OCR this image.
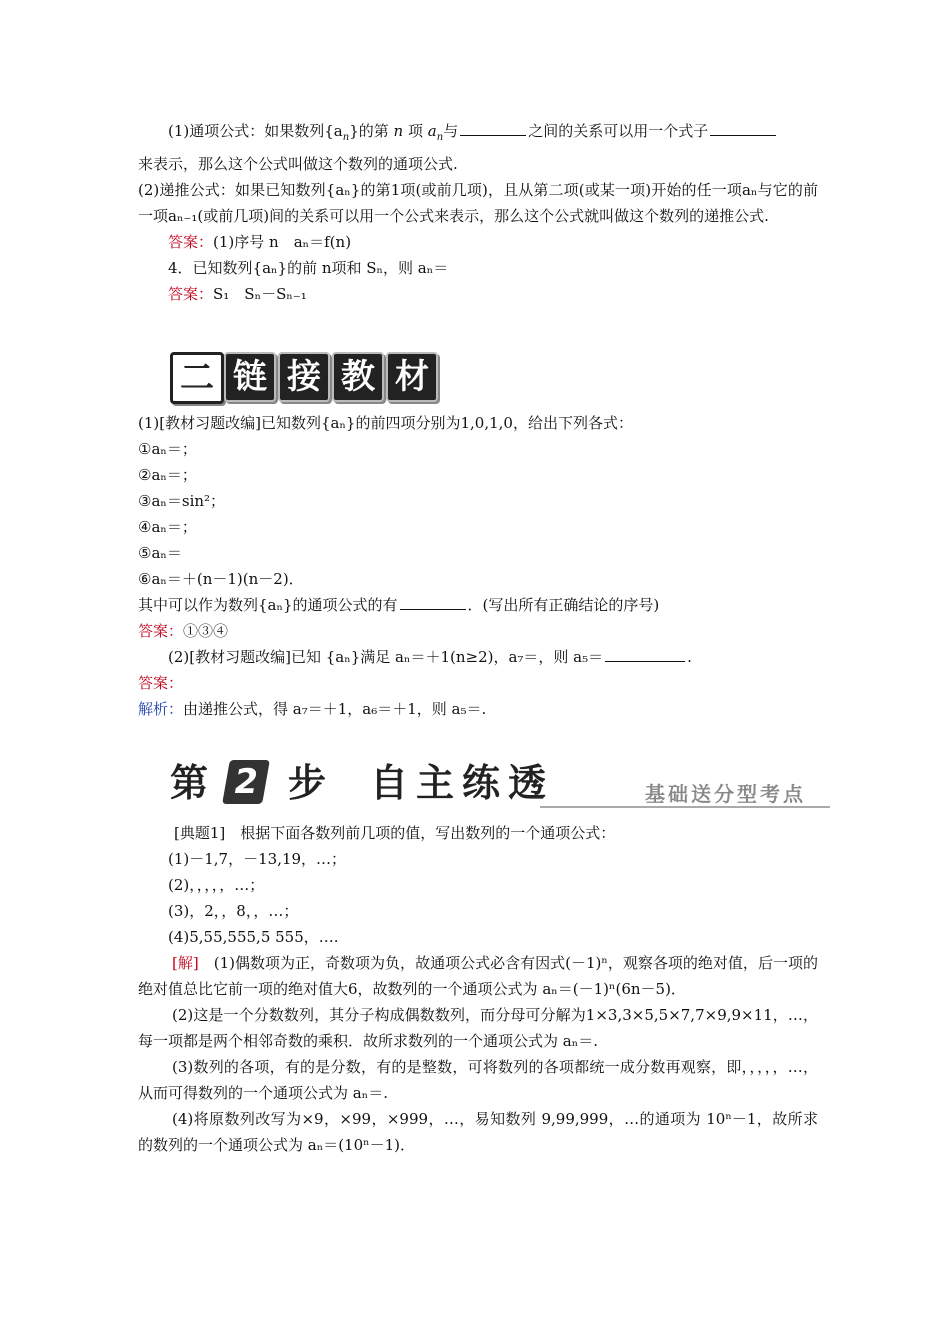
(1)通项公式：如果数列$\{a_n\}$的第 n 项 $a_n$与	之间的关系可以用一个式子

来表示，那么这个公式叫做这个数列的通项公式.

(2)递推公式：如果已知数列{aₙ}的第1项(或前几项)，且从第二项(或某一项)开始的任一项aₙ与它的前一项aₙ₋₁(或前几项)间的关系可以用一个公式来表示，那么这个公式就叫做这个数列的递推公式.

答案：(1)序号 n　aₙ＝f(n)

4．已知数列{aₙ}的前 n项和 Sₙ，则 aₙ＝

答案：S₁　Sₙ－Sₙ₋₁

二 链 接 教 材

(1)[教材习题改编]已知数列{aₙ}的前四项分别为1,0,1,0，给出下列各式：

①aₙ＝；

②aₙ＝；

③aₙ＝sin²；

④aₙ＝；

⑤aₙ＝

⑥aₙ＝＋(n－1)(n－2)．

其中可以作为数列{aₙ}的通项公式的有	．(写出所有正确结论的序号)

答案：①③④

(2)[教材习题改编]已知 {aₙ}满足 aₙ＝＋1(n≥2)，a₇＝，则 a₅＝	.

答案：

解析：由递推公式，得 a₇＝＋1，a₆＝＋1，则 a₅＝.

第 2 步 自主练透	基础送分型考点

[典题1]　根据下面各数列前几项的值，写出数列的一个通项公式：

(1)－1,7，－13,19，…；

(2)，，，，，…；

(3)，2，，8，，…；

(4)5,55,555,5 555，….

[解]　 (1)偶数项为正，奇数项为负，故通项公式必含有因式(－1)ⁿ，观察各项的绝对值，后一项的绝对值总比它前一项的绝对值大6，故数列的一个通项公式为 aₙ＝(－1)ⁿ(6n－5)．

(2)这是一个分数数列，其分子构成偶数数列，而分母可分解为1×3,3×5,5×7,7×9,9×11，…，每一项都是两个相邻奇数的乘积．故所求数列的一个通项公式为 aₙ＝.

(3)数列的各项，有的是分数，有的是整数，可将数列的各项都统一成分数再观察，即，，，，，…，从而可得数列的一个通项公式为 aₙ＝.

(4)将原数列改写为×9，×99，×999，…，易知数列 9,99,999，…的通项为 10ⁿ－1，故所求的数列的一个通项公式为 aₙ＝(10ⁿ－1)．
